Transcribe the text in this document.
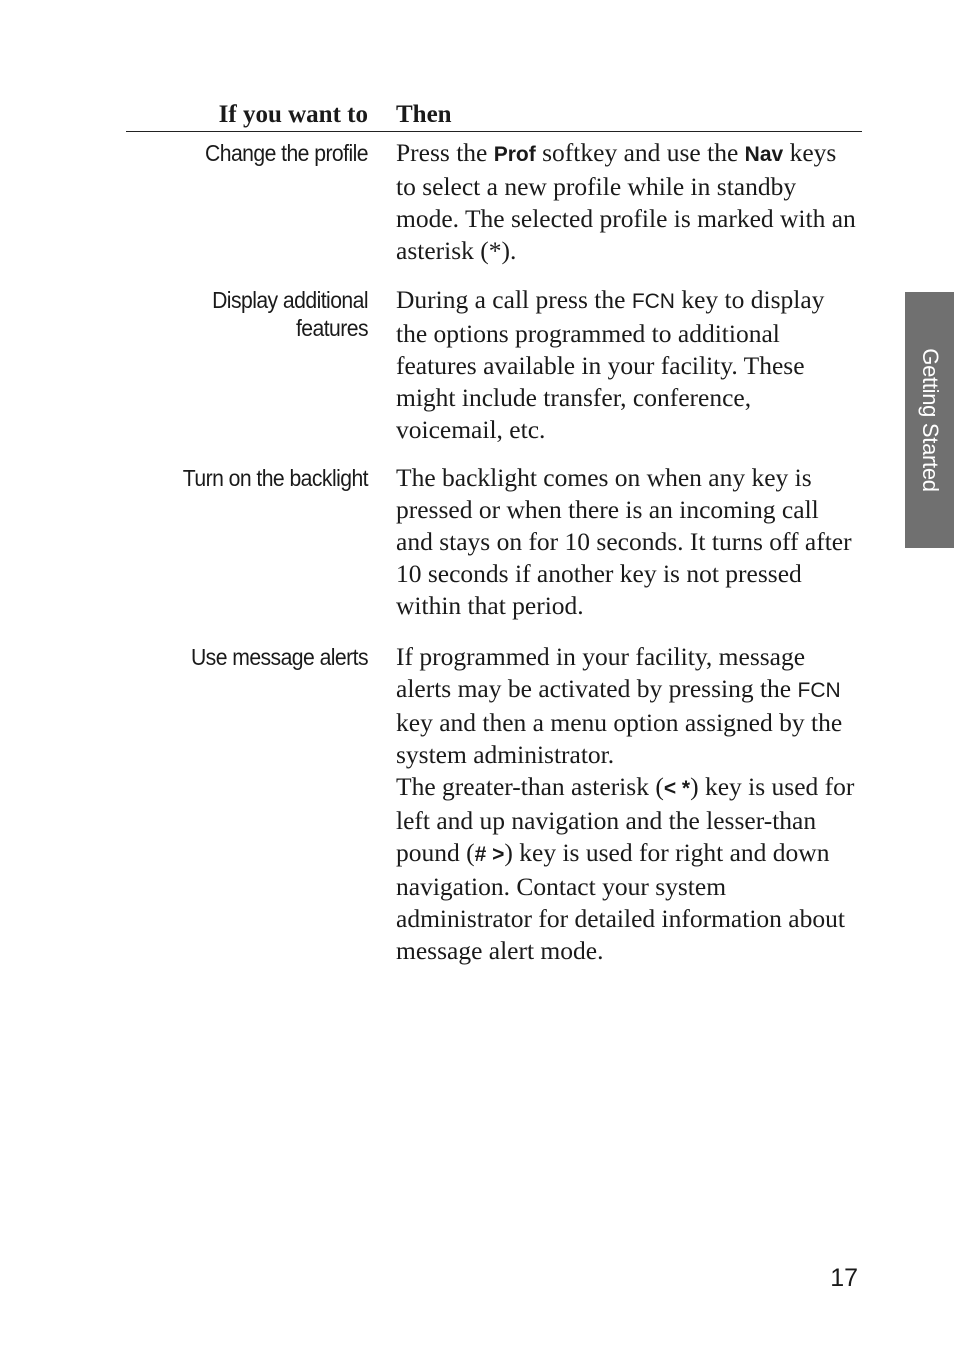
If you want to Then
Change the profile Press the Prof softkey and use the Nav keys to select a new profile while in standby mode. The selected profile is marked with an asterisk (*).
Display additional
features
During a call press the FCN key to display the options programmed to additional features available in your facility. These might include transfer, conference, voicemail, etc.
Turn on the backlight The backlight comes on when any key is pressed or when there is an incoming call and stays on for 10 seconds. It turns off after 10 seconds if another key is not pressed within that period.
Use message alerts If programmed in your facility, message alerts may be activated by pressing the FCN key and then a menu option assigned by the system administrator.
The greater-than asterisk (< *) key is used for left and up navigation and the lesser-than pound (# >) key is used for right and down navigation. Contact your system administrator for detailed information about message alert mode.
Getting Started
17
